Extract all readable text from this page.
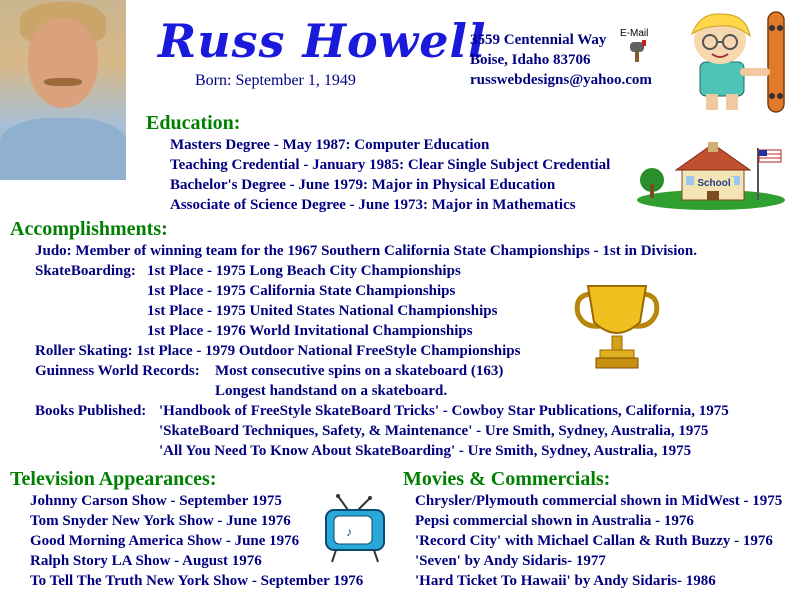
Russ Howell
Born: September 1, 1949
3559 Centennial Way
Boise, Idaho 83706
russwebdesigns@yahoo.com
E-Mail
Education:
Masters Degree - May 1987: Computer Education
Teaching Credential - January 1985: Clear Single Subject Credential
Bachelor's Degree - June 1979: Major in Physical Education
Associate of Science Degree - June 1973: Major in Mathematics
School
Accomplishments:
Judo: Member of winning team for the 1967 Southern California State Championships - 1st in Division.
SkateBoarding: 1st Place - 1975 Long Beach City Championships
1st Place - 1975 California State Championships
1st Place - 1975 United States National Championships
1st Place - 1976 World Invitational Championships
Roller Skating: 1st Place - 1979 Outdoor National FreeStyle Championships
Guinness World Records: Most consecutive spins on a skateboard (163)
Longest handstand on a skateboard.
Books Published: 'Handbook of FreeStyle SkateBoard Tricks' - Cowboy Star Publications, California, 1975
'SkateBoard Techniques, Safety, & Maintenance' - Ure Smith, Sydney, Australia, 1975
'All You Need To Know About SkateBoarding' - Ure Smith, Sydney, Australia, 1975
Television Appearances:
Johnny Carson Show - September 1975
Tom Snyder New York Show - June 1976
Good Morning America Show - June 1976
Ralph Story LA Show - August 1976
To Tell The Truth New York Show - September 1976
♪
Movies & Commercials:
Chrysler/Plymouth commercial shown in MidWest - 1975
Pepsi commercial shown in Australia - 1976
'Record City' with Michael Callan & Ruth Buzzy - 1976
'Seven' by Andy Sidaris- 1977
'Hard Ticket To Hawaii' by Andy Sidaris- 1986
